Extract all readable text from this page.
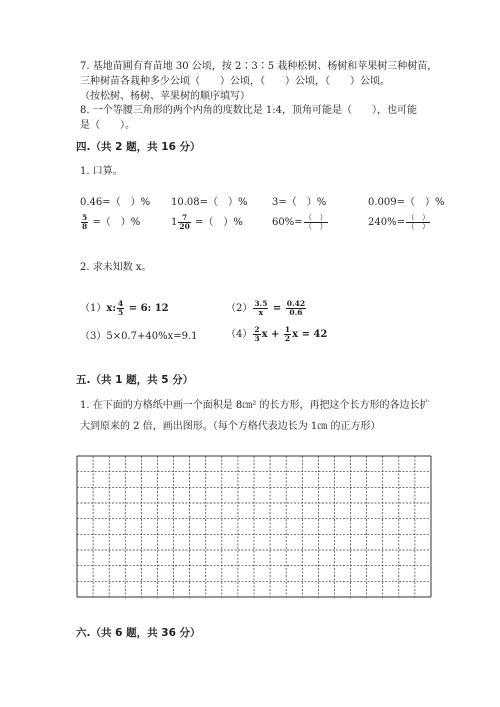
7. 基地苗圃有育苗地 30 公顷，按 2∶3∶5 栽种松树、杨树和苹果树三种树苗，
三种树苗各栽种多少公顷（　　）公顷，（　　）公顷，（　　）公顷。
（按松树、杨树、苹果树的顺序填写）
8. 一个等腰三角形的两个内角的度数比是 1:4，顶角可能是（　　），也可能
是（　　）。
四.（共 2 题，共 16 分）
1. 口算。
0.46=（　）% 10.08=（　）% 3=（　）%	0.009=（　）%
$\frac{5}{8}$ =（　）%	$1 \frac{7}{20}$ =（　）%	$60\%= \frac{( )}{( )}$	$240\%= \frac{( )}{( )}$
2. 求未知数 x。
（1）x: $\frac{4}{5} = 6$: 12	$(2) \frac{3.5}{x} = \frac{0.42}{0.6}$
（3）5×0.7+40%x=9.1	$(4) \frac{2}{3}$ $x + \frac{1}{2}$ x = 42
五.（共 1 题，共 5 分）
1. 在下面的方格纸中画一个面积是 8㎝² 的长方形，再把这个长方形的各边长扩
大到原来的 2 倍，画出图形。（每个方格代表边长为 1㎝ 的正方形）
六.（共 6 题，共 36 分）
